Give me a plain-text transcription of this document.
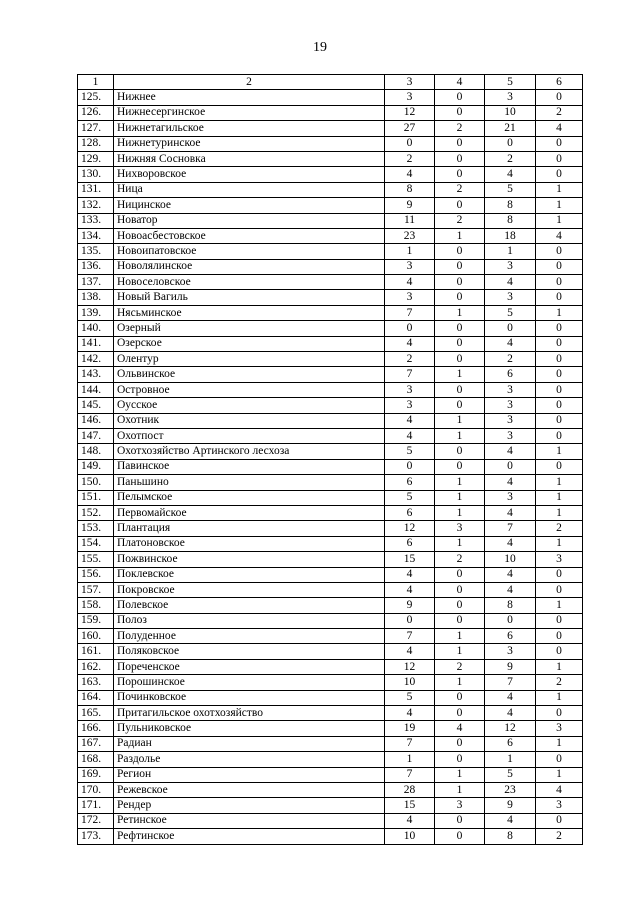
19
1	2	3	4	5	6
125.	Нижнее	3	0	3	0
126.	Нижнесергинское	12	0	10	2
127.	Нижнетагильское	27	2	21	4
128.	Нижнетуринское	0	0	0	0
129.	Нижняя Сосновка	2	0	2	0
130.	Нихворовское	4	0	4	0
131.	Ница	8	2	5	1
132.	Ницинское	9	0	8	1
133.	Новатор	11	2	8	1
134.	Новоасбестовское	23	1	18	4
135.	Новоипатовское	1	0	1	0
136.	Новолялинское	3	0	3	0
137.	Новоселовское	4	0	4	0
138.	Новый Вагиль	3	0	3	0
139.	Нясьминское	7	1	5	1
140.	Озерный	0	0	0	0
141.	Озерское	4	0	4	0
142.	Олентур	2	0	2	0
143.	Ольвинское	7	1	6	0
144.	Островное	3	0	3	0
145.	Оусское	3	0	3	0
146.	Охотник	4	1	3	0
147.	Охотпост	4	1	3	0
148.	Охотхозяйство Артинского лесхоза	5	0	4	1
149.	Павинское	0	0	0	0
150.	Паньшино	6	1	4	1
151.	Пелымское	5	1	3	1
152.	Первомайское	6	1	4	1
153.	Плантация	12	3	7	2
154.	Платоновское	6	1	4	1
155.	Пожвинское	15	2	10	3
156.	Поклевское	4	0	4	0
157.	Покровское	4	0	4	0
158.	Полевское	9	0	8	1
159.	Полоз	0	0	0	0
160.	Полуденное	7	1	6	0
161.	Поляковское	4	1	3	0
162.	Пореченское	12	2	9	1
163.	Порошинское	10	1	7	2
164.	Починковское	5	0	4	1
165.	Притагильское охотхозяйство	4	0	4	0
166.	Пульниковское	19	4	12	3
167.	Радиан	7	0	6	1
168.	Раздолье	1	0	1	0
169.	Регион	7	1	5	1
170.	Режевское	28	1	23	4
171.	Рендер	15	3	9	3
172.	Ретинское	4	0	4	0
173.	Рефтинское	10	0	8	2
